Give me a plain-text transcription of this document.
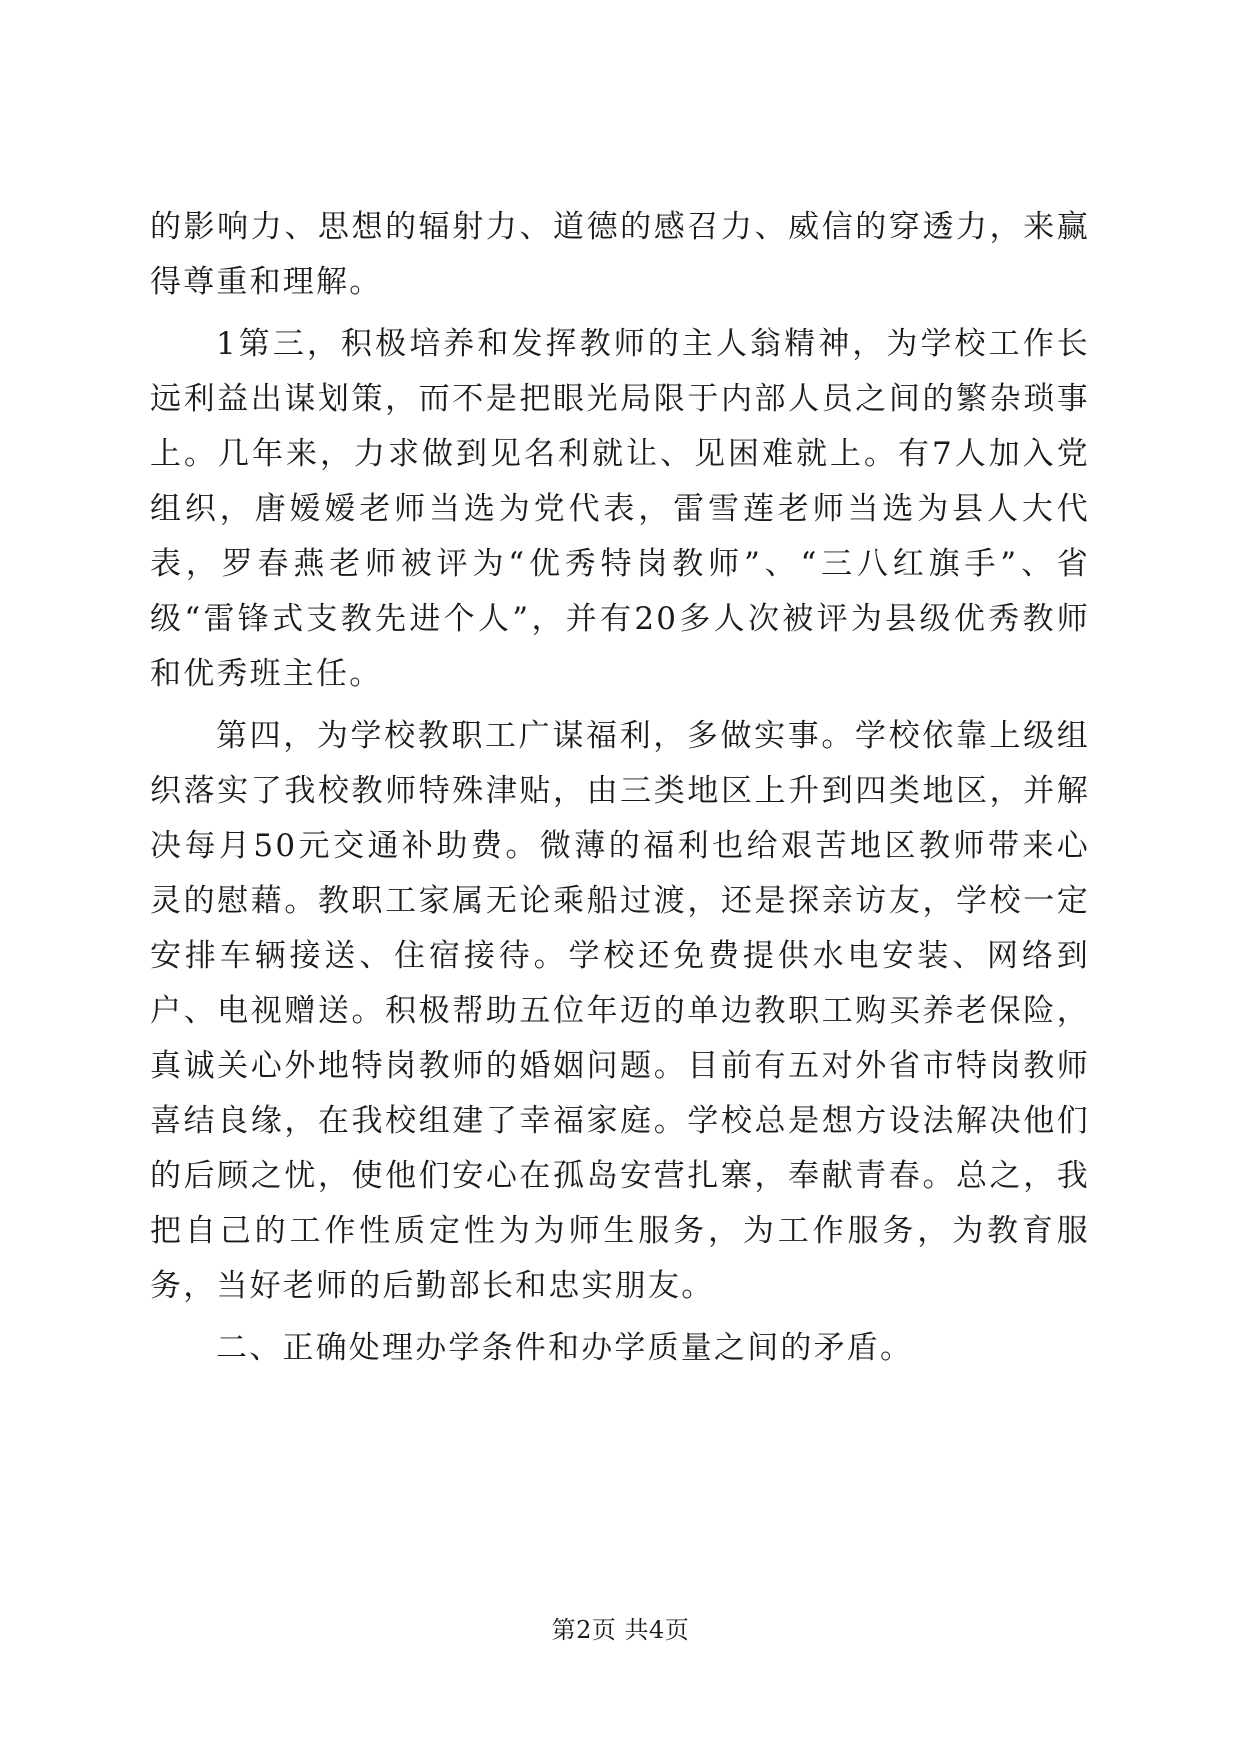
的影响力、思想的辐射力、道德的感召力、威信的穿透力，来赢得尊重和理解。

1第三，积极培养和发挥教师的主人翁精神，为学校工作长远利益出谋划策，而不是把眼光局限于内部人员之间的繁杂琐事上。几年来，力求做到见名利就让、见困难就上。有7人加入党组织，唐嫒嫒老师当选为党代表，雷雪莲老师当选为县人大代表，罗春燕老师被评为“优秀特岗教师”、“三八红旗手”、省级“雷锋式支教先进个人”，并有20多人次被评为县级优秀教师和优秀班主任。

第四，为学校教职工广谋福利，多做实事。学校依靠上级组织落实了我校教师特殊津贴，由三类地区上升到四类地区，并解决每月50元交通补助费。微薄的福利也给艰苦地区教师带来心灵的慰藉。教职工家属无论乘船过渡，还是探亲访友，学校一定安排车辆接送、住宿接待。学校还免费提供水电安装、网络到户、电视赠送。积极帮助五位年迈的单边教职工购买养老保险，真诚关心外地特岗教师的婚姻问题。目前有五对外省市特岗教师喜结良缘，在我校组建了幸福家庭。学校总是想方设法解决他们的后顾之忧，使他们安心在孤岛安营扎寨，奉献青春。总之，我把自己的工作性质定性为为师生服务，为工作服务，为教育服务，当好老师的后勤部长和忠实朋友。

二、正确处理办学条件和办学质量之间的矛盾。

第2页 共4页
